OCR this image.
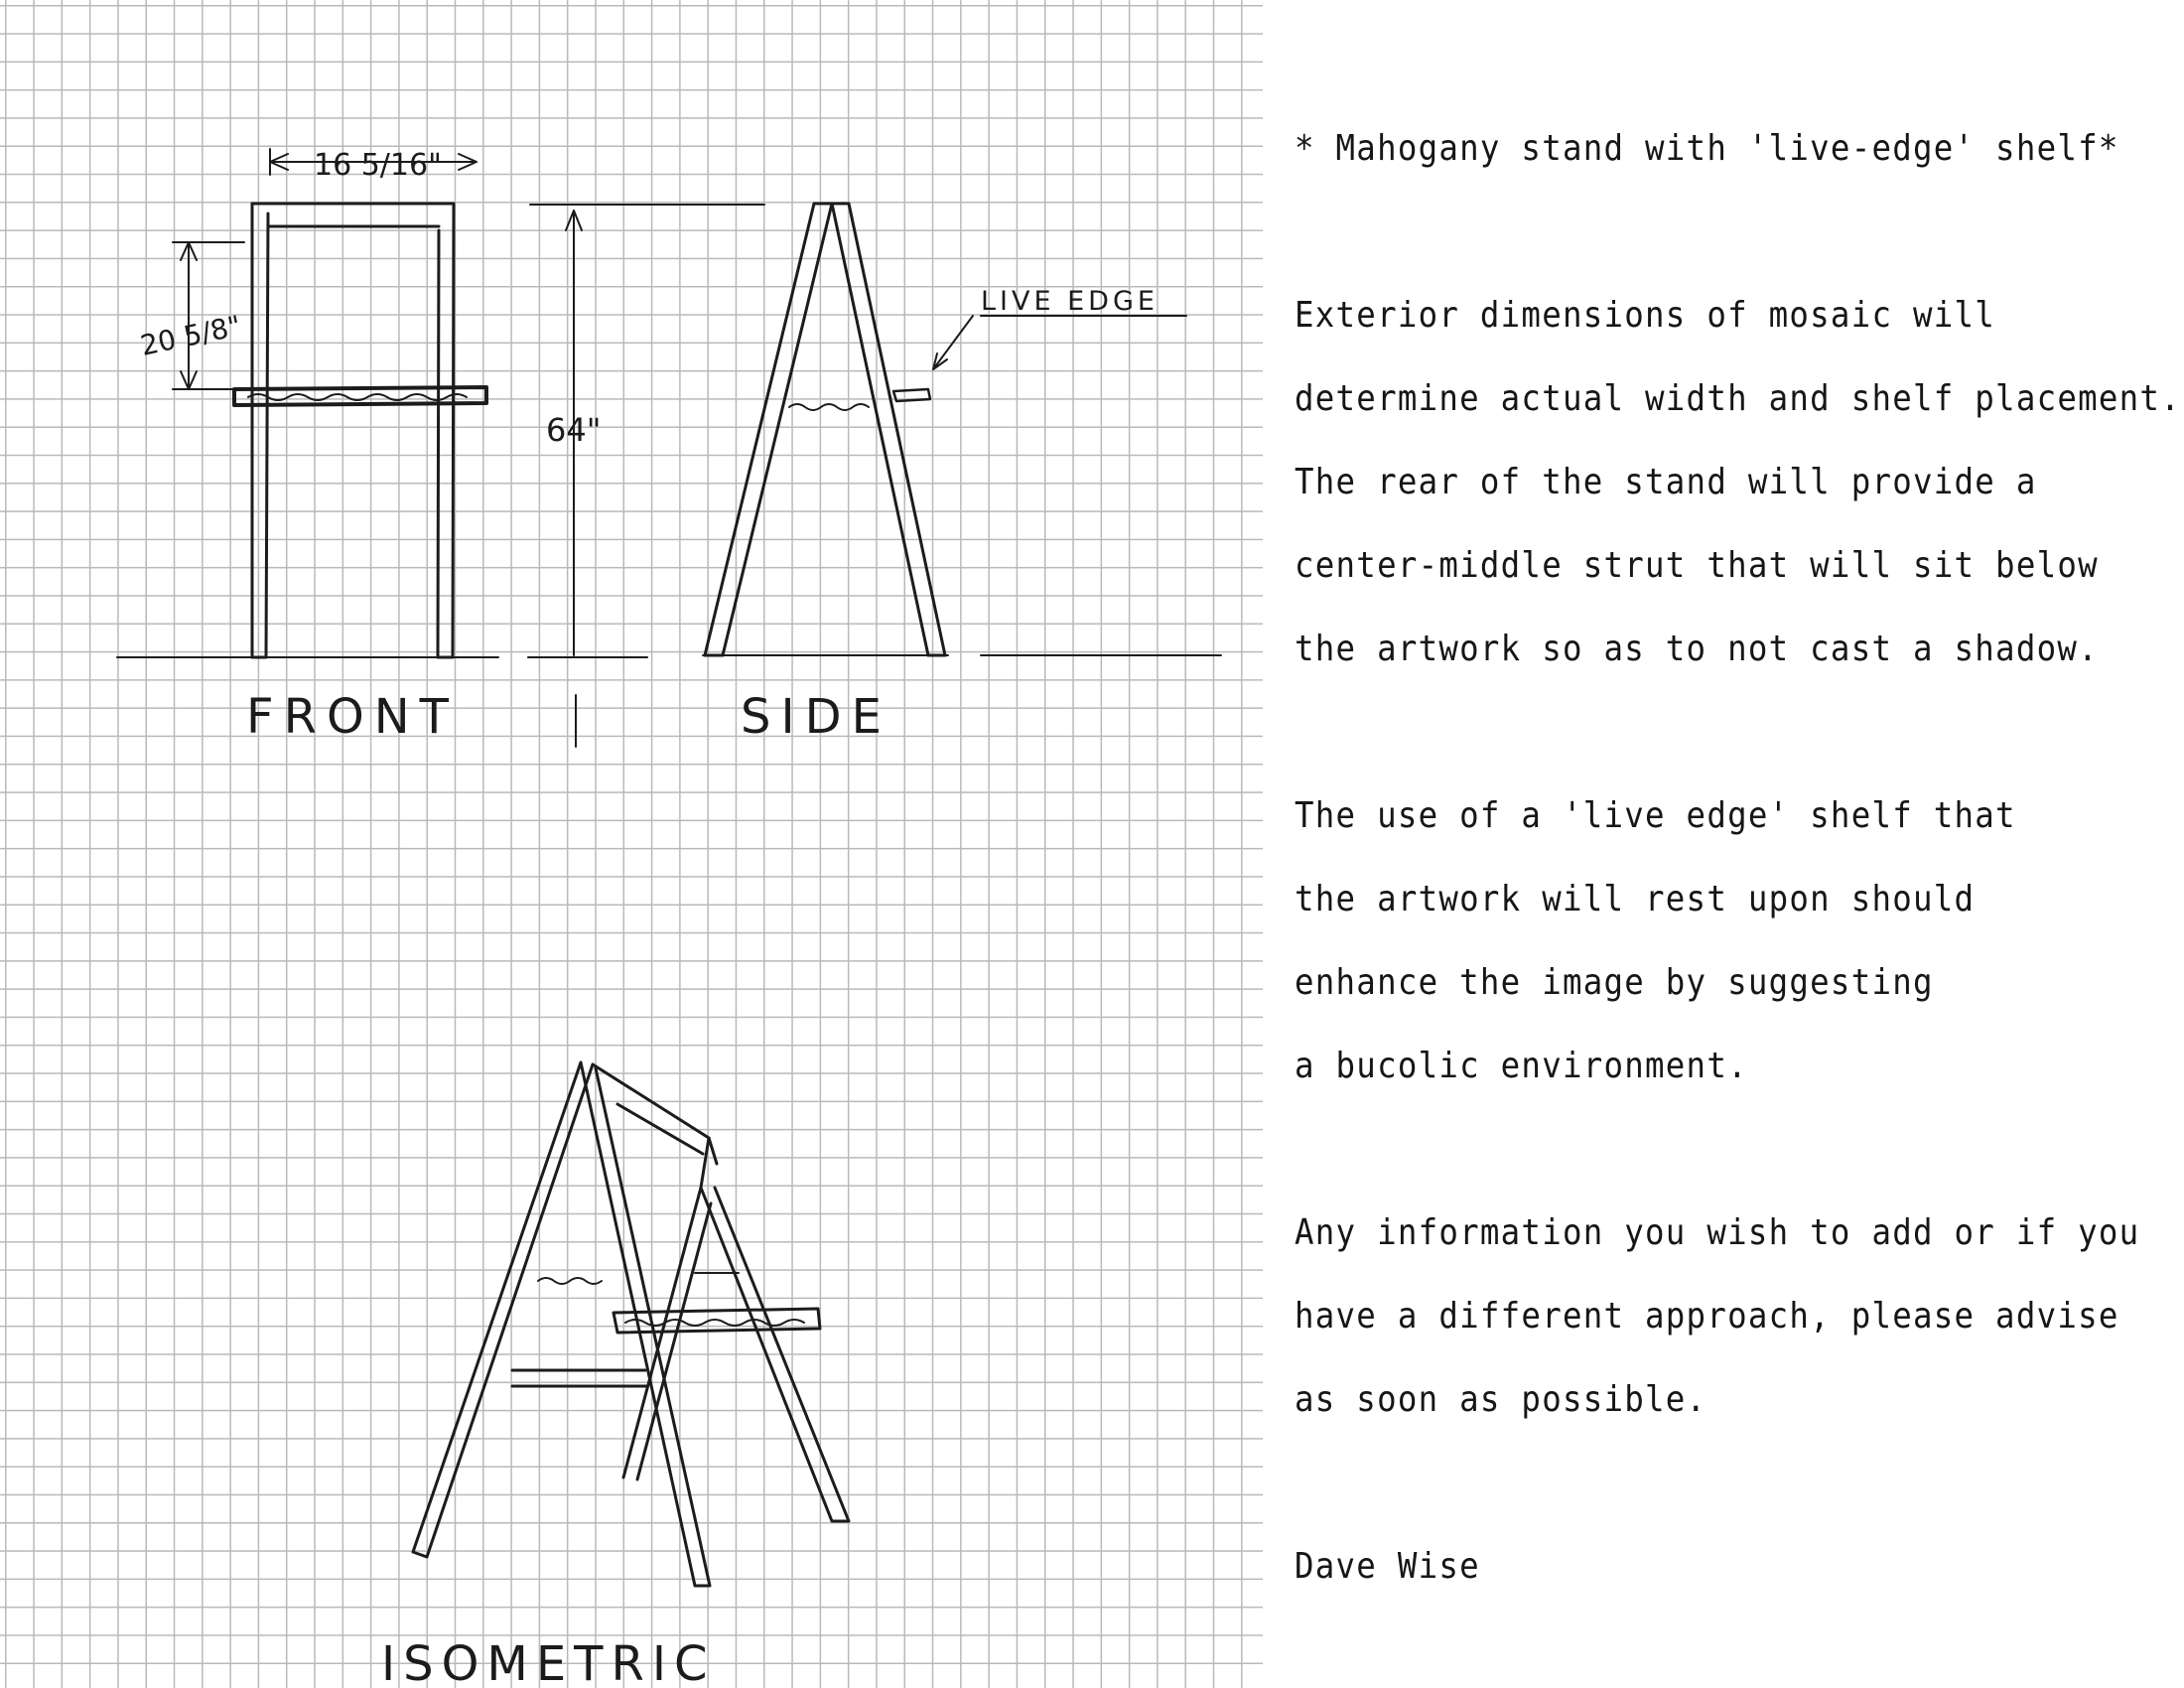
FRONT	SIDE
ISOMETRIC
LIVE EDGE
16 5/16"
20 5/8"
64"
* Mahogany stand with 'live-edge' shelf*
Exterior dimensions of mosaic will
determine actual width and shelf placement.
The rear of the stand will provide a
center-middle strut that will sit below
the artwork so as to not cast a shadow.
The use of a 'live edge' shelf that
the artwork will rest upon should
enhance the image by suggesting
a bucolic environment.
Any information you wish to add or if you
have a different approach, please advise
as soon as possible.
Dave Wise
